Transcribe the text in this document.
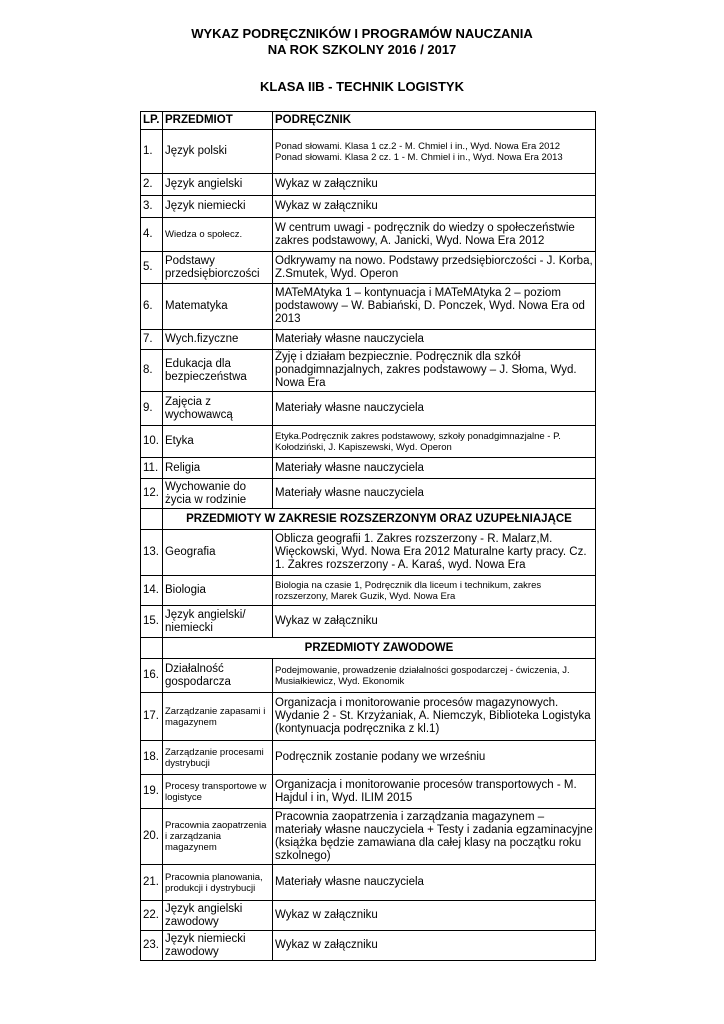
WYKAZ PODRĘCZNIKÓW I PROGRAMÓW NAUCZANIA
NA ROK SZKOLNY 2016 / 2017
KLASA IIB - TECHNIK LOGISTYK
LP.	PRZEDMIOT	PODRĘCZNIK
1.	Język polski	Ponad słowami. Klasa 1 cz.2 - M. Chmiel i in., Wyd. Nowa Era 2012
Ponad słowami. Klasa 2 cz. 1 - M. Chmiel i in., Wyd. Nowa Era 2013

2.	Język angielski	Wykaz w załączniku
3.	Język niemiecki	Wykaz w załączniku
4.	Wiedza o społecz.	W centrum uwagi - podręcznik do wiedzy o społeczeństwie zakres podstawowy, A. Janicki, Wyd. Nowa Era 2012
5.	Podstawy przedsiębiorczości	Odkrywamy na nowo. Podstawy przedsiębiorczości - J. Korba, Z.Smutek, Wyd. Operon
6.	Matematyka	MATeMAtyka 1 – kontynuacja i MATeMAtyka 2 – poziom podstawowy – W. Babiański, D. Ponczek, Wyd. Nowa Era od 2013
7.	Wych.fizyczne	Materiały własne nauczyciela
8.	Edukacja dla bezpieczeństwa	Żyję i działam bezpiecznie. Podręcznik dla szkół ponadgimnazjalnych, zakres podstawowy – J. Słoma, Wyd. Nowa Era
9.	Zajęcia z wychowawcą	Materiały własne nauczyciela
10.	Etyka	Etyka.Podręcznik zakres podstawowy, szkoły ponadgimnazjalne - P. Kołodziński, J. Kapiszewski, Wyd. Operon
11.	Religia	Materiały własne nauczyciela
12.	Wychowanie do życia w rodzinie	Materiały własne nauczyciela
	PRZEDMIOTY W ZAKRESIE ROZSZERZONYM ORAZ UZUPEŁNIAJĄCE	
13.	Geografia	Oblicza geografii 1. Zakres rozszerzony - R. Malarz,M. Więckowski, Wyd. Nowa Era 2012 Maturalne karty pracy. Cz. 1. Zakres rozszerzony - A. Karaś, wyd. Nowa Era
14.	Biologia	Biologia na czasie 1, Podręcznik dla liceum i technikum, zakres rozszerzony, Marek Guzik, Wyd. Nowa Era
15.	Język angielski/ niemiecki	Wykaz w załączniku
	PRZEDMIOTY ZAWODOWE	
16.	Działalność gospodarcza	Podejmowanie, prowadzenie działalności gospodarczej - ćwiczenia, J. Musiałkiewicz, Wyd. Ekonomik
17.	Zarządzanie zapasami i magazynem	Organizacja i monitorowanie procesów magazynowych. Wydanie 2 - St. Krzyżaniak, A. Niemczyk, Biblioteka Logistyka (kontynuacja podręcznika z kl.1)
18.	Zarządzanie procesami dystrybucji	Podręcznik zostanie podany we wrześniu
19.	Procesy transportowe w logistyce	Organizacja i monitorowanie procesów transportowych - M. Hajdul i in, Wyd. ILIM 2015
20.	Pracownia zaopatrzenia i zarządzania magazynem	Pracownia zaopatrzenia i zarządzania magazynem – materiały własne nauczyciela + Testy i zadania egzaminacyjne (książka będzie zamawiana dla całej klasy na początku roku szkolnego)
21.	Pracownia planowania, produkcji i dystrybucji	Materiały własne nauczyciela
22.	Język angielski zawodowy	Wykaz w załączniku
23.	Język niemiecki zawodowy	Wykaz w załączniku
